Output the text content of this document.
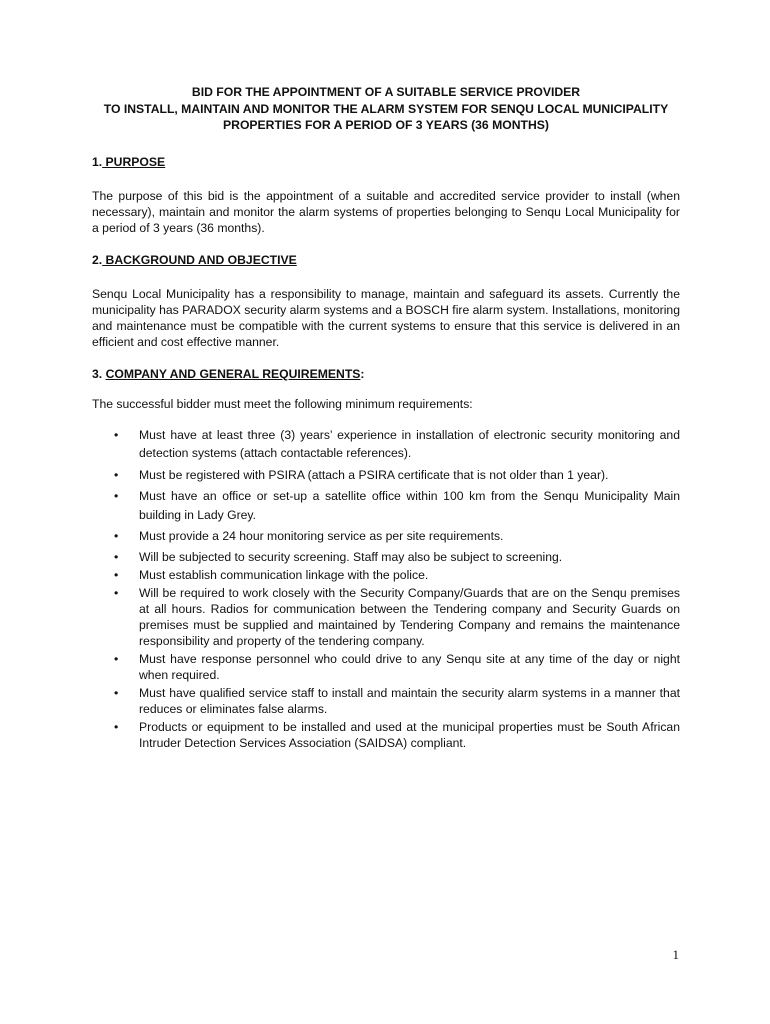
BID FOR THE APPOINTMENT OF A SUITABLE SERVICE PROVIDER
TO INSTALL, MAINTAIN AND MONITOR THE ALARM SYSTEM FOR SENQU LOCAL MUNICIPALITY
PROPERTIES FOR A PERIOD OF 3 YEARS (36 MONTHS)
1. PURPOSE

The purpose of this bid is the appointment of a suitable and accredited service provider to install (when necessary), maintain and monitor the alarm systems of properties belonging to Senqu Local Municipality for a period of 3 years (36 months).

2. BACKGROUND AND OBJECTIVE

Senqu Local Municipality has a responsibility to manage, maintain and safeguard its assets. Currently the municipality has PARADOX security alarm systems and a BOSCH fire alarm system. Installations, monitoring and maintenance must be compatible with the current systems to ensure that this service is delivered in an efficient and cost effective manner.

3. COMPANY AND GENERAL REQUIREMENTS:

The successful bidder must meet the following minimum requirements:

• Must have at least three (3) years’ experience in installation of electronic security monitoring and detection systems (attach contactable references).
• Must be registered with PSIRA (attach a PSIRA certificate that is not older than 1 year).
• Must have an office or set-up a satellite office within 100 km from the Senqu Municipality Main building in Lady Grey.
• Must provide a 24 hour monitoring service as per site requirements.
• Will be subjected to security screening. Staff may also be subject to screening.
• Must establish communication linkage with the police.
• Will be required to work closely with the Security Company/Guards that are on the Senqu premises at all hours. Radios for communication between the Tendering company and Security Guards on premises must be supplied and maintained by Tendering Company and remains the maintenance responsibility and property of the tendering company.
• Must have response personnel who could drive to any Senqu site at any time of the day or night when required.
• Must have qualified service staff to install and maintain the security alarm systems in a manner that reduces or eliminates false alarms.
• Products or equipment to be installed and used at the municipal properties must be South African Intruder Detection Services Association (SAIDSA) compliant.
1
